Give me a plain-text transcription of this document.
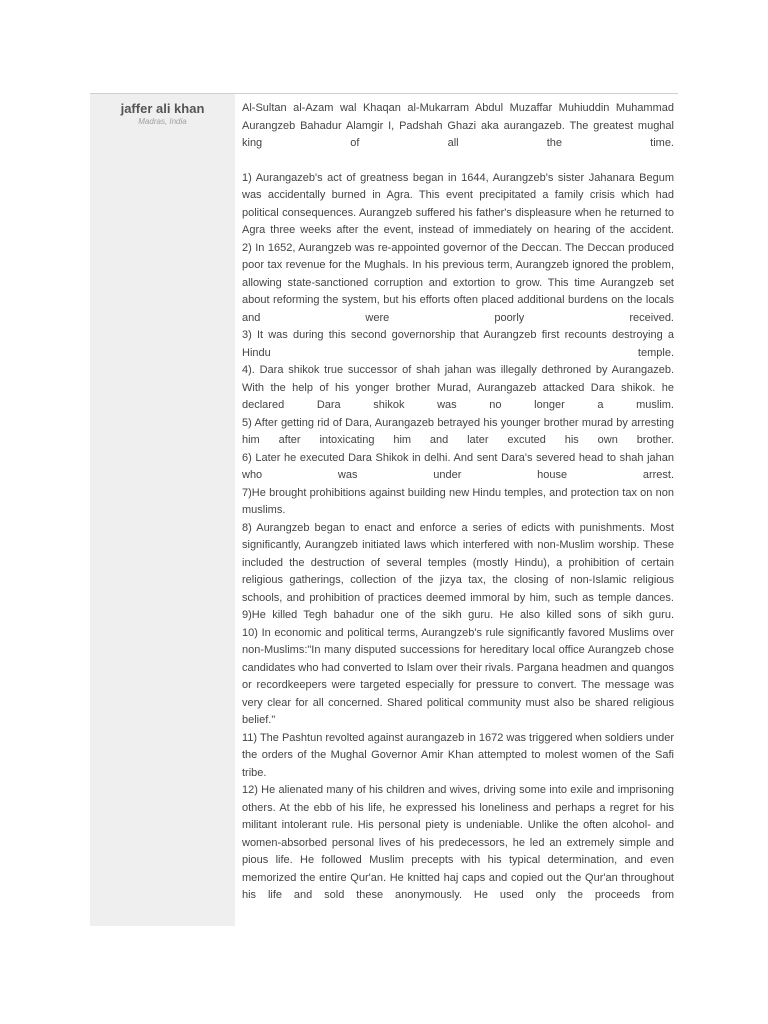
jaffer ali khan
Madras, India

Al-Sultan al-Azam wal Khaqan al-Mukarram Abdul Muzaffar Muhiuddin Muhammad Aurangzeb Bahadur Alamgir I, Padshah Ghazi aka aurangazeb. The greatest mughal king of all the time.

1) Aurangazeb's act of greatness began in 1644, Aurangzeb's sister Jahanara Begum was accidentally burned in Agra. This event precipitated a family crisis which had political consequences. Aurangzeb suffered his father's displeasure when he returned to Agra three weeks after the event, instead of immediately on hearing of the accident.

2) In 1652, Aurangzeb was re-appointed governor of the Deccan. The Deccan produced poor tax revenue for the Mughals. In his previous term, Aurangzeb ignored the problem, allowing state-sanctioned corruption and extortion to grow. This time Aurangzeb set about reforming the system, but his efforts often placed additional burdens on the locals and were poorly received.

3) It was during this second governorship that Aurangzeb first recounts destroying a Hindu temple.

4). Dara shikok true successor of shah jahan was illegally dethroned by Aurangazeb. With the help of his yonger brother Murad, Aurangazeb attacked Dara shikok. he declared Dara shikok was no longer a muslim.

5) After getting rid of Dara, Aurangazeb betrayed his younger brother murad by arresting him after intoxicating him and later excuted his own brother.

6) Later he executed Dara Shikok in delhi. And sent Dara's severed head to shah jahan who was under house arrest.

7)He brought prohibitions against building new Hindu temples, and protection tax on non muslims.

8) Aurangzeb began to enact and enforce a series of edicts with punishments. Most significantly, Aurangzeb initiated laws which interfered with non-Muslim worship. These included the destruction of several temples (mostly Hindu), a prohibition of certain religious gatherings, collection of the jizya tax, the closing of non-Islamic religious schools, and prohibition of practices deemed immoral by him, such as temple dances.

9)He killed Tegh bahadur one of the sikh guru. He also killed sons of sikh guru.

10) In economic and political terms, Aurangzeb's rule significantly favored Muslims over non-Muslims:"In many disputed successions for hereditary local office Aurangzeb chose candidates who had converted to Islam over their rivals. Pargana headmen and quangos or recordkeepers were targeted especially for pressure to convert. The message was very clear for all concerned. Shared political community must also be shared religious belief."

11) The Pashtun revolted against aurangazeb in 1672 was triggered when soldiers under the orders of the Mughal Governor Amir Khan attempted to molest women of the Safi tribe.

12) He alienated many of his children and wives, driving some into exile and imprisoning others. At the ebb of his life, he expressed his loneliness and perhaps a regret for his militant intolerant rule. His personal piety is undeniable. Unlike the often alcohol- and women-absorbed personal lives of his predecessors, he led an extremely simple and pious life. He followed Muslim precepts with his typical determination, and even memorized the entire Qur'an. He knitted haj caps and copied out the Qur'an throughout his life and sold these anonymously. He used only the proceeds from
